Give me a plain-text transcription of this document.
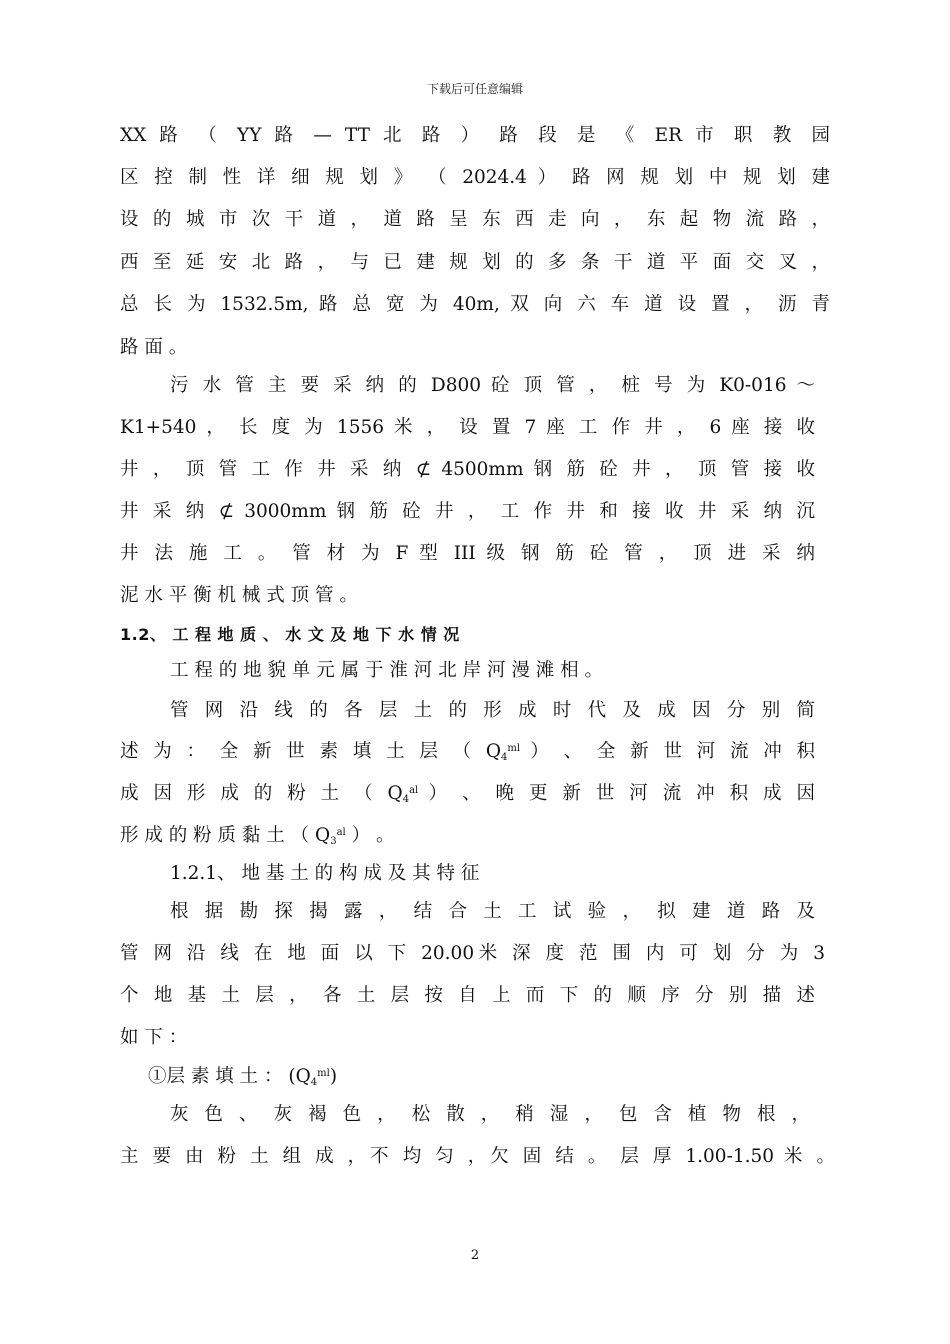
下载后可任意编辑
XX 路 （ YY 路 — TT 北 路 ） 路 段 是 《 ER 市 职 教 园
区 控 制 性 详 细 规 划 》 （ 2024.4 ） 路 网 规 划 中 规 划 建
设 的 城 市 次 干 道 ， 道 路 呈 东 西 走 向 ， 东 起 物 流 路 ，
西 至 延 安 北 路 ， 与 已 建 规 划 的 多 条 干 道 平 面 交 叉 ，
总 长 为 1532.5m, 路 总 宽 为 40m, 双 向 六 车 道 设 置 ， 沥 青
路 面 。
污 水 管 主 要 采 纳 的 D800 砼 顶 管 ， 桩 号 为 K0-016 ～
K1+540 ， 长 度 为 1556 米 ， 设 置 7 座 工 作 井 ， 6 座 接 收
井 ， 顶 管 工 作 井 采 纳 ⊄ 4500mm 钢 筋 砼 井 ， 顶 管 接 收
井 采 纳 ⊄ 3000mm 钢 筋 砼 井 ， 工 作 井 和 接 收 井 采 纳 沉
井 法 施 工 。 管 材 为 F 型 III 级 钢 筋 砼 管 ， 顶 进 采 纳
泥 水 平 衡 机 械 式 顶 管 。
1.2、 工 程 地 质 、 水 文 及 地 下 水 情 况
工 程 的 地 貌 单 元 属 于 淮 河 北 岸 河 漫 滩 相 。
管 网 沿 线 的 各 层 土 的 形 成 时 代 及 成 因 分 别 简
述 为 ： 全 新 世 素 填 土 层 （ $Q_4^{ml}$ ） 、 全 新 世 河 流 冲 积
成 因 形 成 的 粉 土 （ $Q_4^{al}$ ） 、 晚 更 新 世 河 流 冲 积 成 因
形 成 的 粉 质 黏 土 （ $Q_3^{al}$ ） 。
1.2.1、 地 基 土 的 构 成 及 其 特 征
根 据 勘 探 揭 露 ， 结 合 土 工 试 验 ， 拟 建 道 路 及
管 网 沿 线 在 地 面 以 下 20.00米 深 度 范 围 内 可 划 分 为 3
个 地 基 土 层 ， 各 土 层 按 自 上 而 下 的 顺 序 分 别 描 述
如 下 ：
①层 素 填 土 ： $(Q_4^{ml})$
灰 色 、 灰 褐 色 ， 松 散 ， 稍 湿 ， 包 含 植 物 根 ，
主 要 由 粉 土 组 成 ，不 均 匀 ，欠 固 结 。 层 厚 1.00-1.50 米 。
2
